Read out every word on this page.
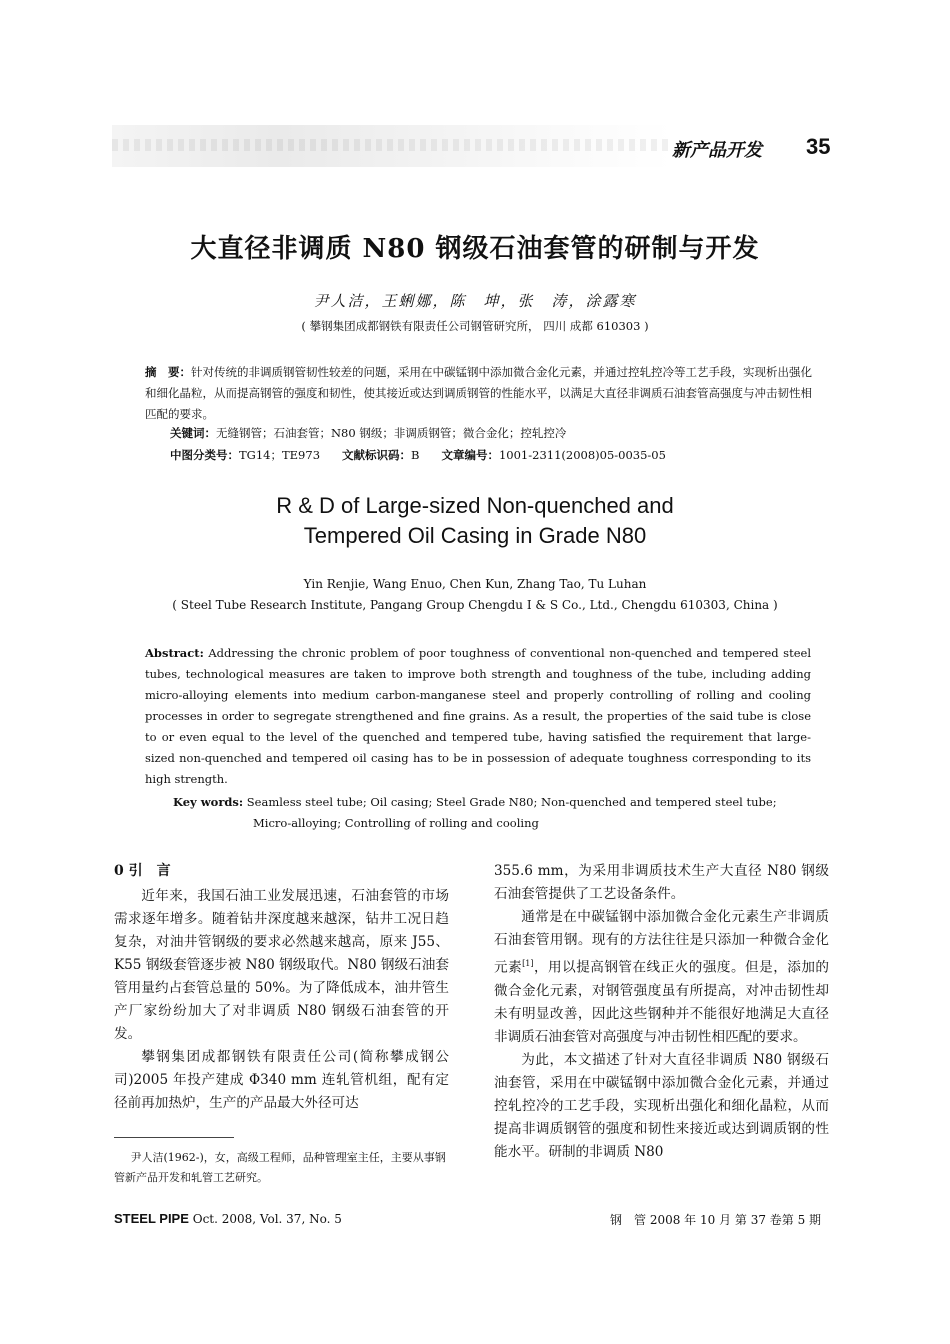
新产品开发 35
大直径非调质 N80 钢级石油套管的研制与开发
尹人洁，王蜊娜，陈　坤，张　涛，涂露寒
( 攀钢集团成都钢铁有限责任公司钢管研究所， 四川 成都 610303 )
摘　要：针对传统的非调质钢管韧性较差的问题，采用在中碳锰钢中添加微合金化元素，并通过控轧控冷等工艺手段，实现析出强化和细化晶粒，从而提高钢管的强度和韧性，使其接近或达到调质钢管的性能水平，以满足大直径非调质石油套管高强度与冲击韧性相匹配的要求。
关键词：无缝钢管；石油套管；N80 钢级；非调质钢管；微合金化；控轧控冷
中图分类号：TG14；TE973 文献标识码：B 文章编号：1001-2311(2008)05-0035-05
R & D of Large-sized Non-quenched and
Tempered Oil Casing in Grade N80
Yin Renjie, Wang Enuo, Chen Kun, Zhang Tao, Tu Luhan
( Steel Tube Research Institute, Pangang Group Chengdu I & S Co., Ltd., Chengdu 610303, China )
Abstract: Addressing the chronic problem of poor toughness of conventional non-quenched and tempered steel tubes, technological measures are taken to improve both strength and toughness of the tube, including adding micro-alloying elements into medium carbon-manganese steel and properly controlling of rolling and cooling processes in order to segregate strengthened and fine grains. As a result, the properties of the said tube is close to or even equal to the level of the quenched and tempered tube, having satisfied the requirement that large-sized non-quenched and tempered oil casing has to be in possession of adequate toughness corresponding to its high strength.
Key words: Seamless steel tube; Oil casing; Steel Grade N80; Non-quenched and tempered steel tube;
Micro-alloying; Controlling of rolling and cooling
0 引　言

近年来，我国石油工业发展迅速，石油套管的市场需求逐年增多。随着钻井深度越来越深，钻井工况日趋复杂，对油井管钢级的要求必然越来越高，原来 J55、K55 钢级套管逐步被 N80 钢级取代。N80 钢级石油套管用量约占套管总量的 50%。为了降低成本，油井管生产厂家纷纷加大了对非调质 N80 钢级石油套管的开发。

攀钢集团成都钢铁有限责任公司(简称攀成钢公司)2005 年投产建成 Φ340 mm 连轧管机组，配有定径前再加热炉，生产的产品最大外径可达

355.6 mm，为采用非调质技术生产大直径 N80 钢级石油套管提供了工艺设备条件。

通常是在中碳锰钢中添加微合金化元素生产非调质石油套管用钢。现有的方法往往是只添加一种微合金化元素[1]，用以提高钢管在线正火的强度。但是，添加的微合金化元素，对钢管强度虽有所提高，对冲击韧性却未有明显改善，因此这些钢种并不能很好地满足大直径非调质石油套管对高强度与冲击韧性相匹配的要求。

为此，本文描述了针对大直径非调质 N80 钢级石油套管，采用在中碳锰钢中添加微合金化元素，并通过控轧控冷的工艺手段，实现析出强化和细化晶粒，从而提高非调质钢管的强度和韧性来接近或达到调质钢的性能水平。研制的非调质 N80

尹人洁(1962-)，女，高级工程师，品种管理室主任，主要从事钢管新产品开发和轧管工艺研究。
STEEL PIPE Oct. 2008, Vol. 37, No. 5	钢　管 2008 年 10 月 第 37 卷第 5 期
